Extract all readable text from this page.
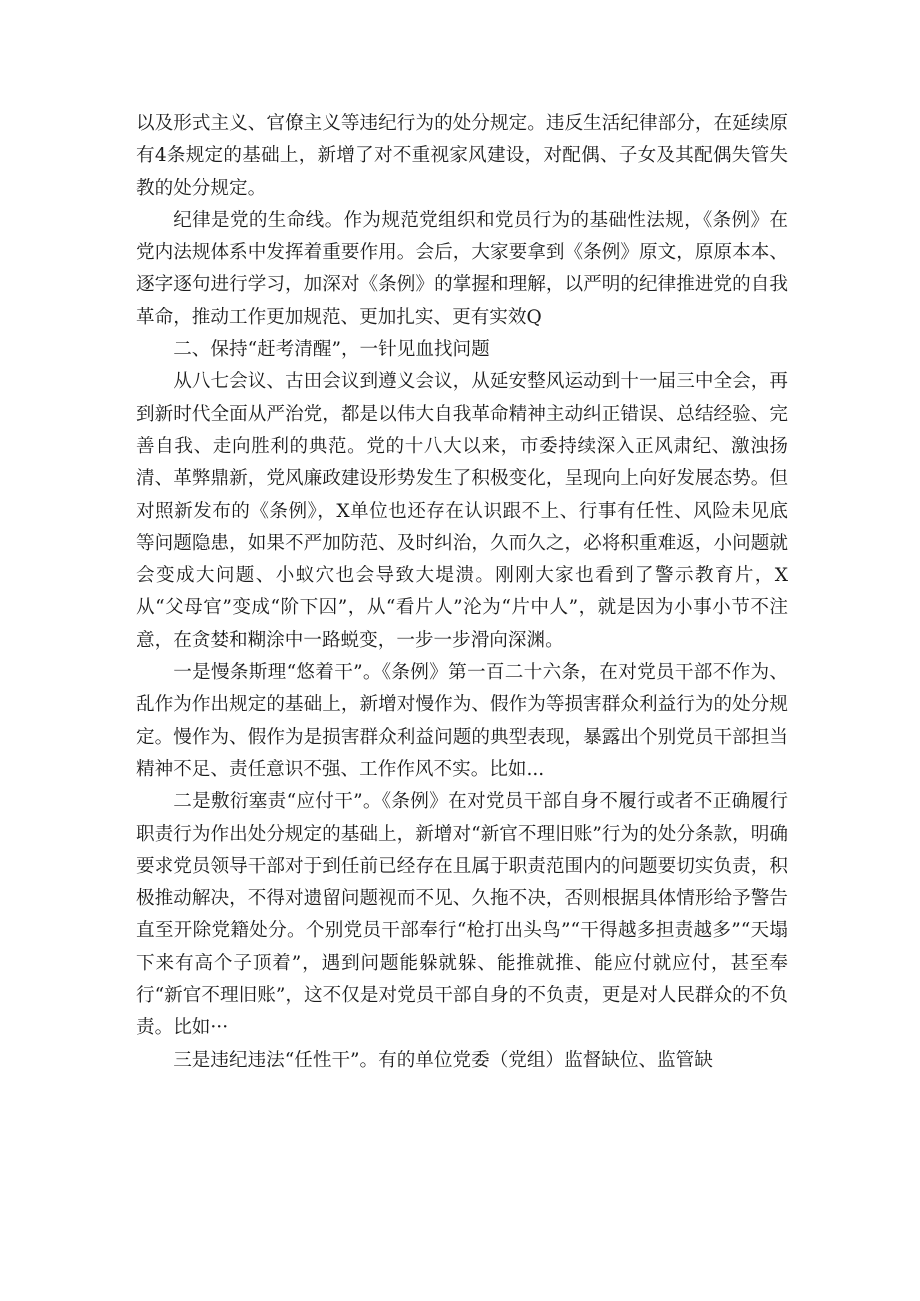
以及形式主义、官僚主义等违纪行为的处分规定。违反生活纪律部分，在延续原有4条规定的基础上，新增了对不重视家风建设，对配偶、子女及其配偶失管失教的处分规定。

纪律是党的生命线。作为规范党组织和党员行为的基础性法规，《条例》在党内法规体系中发挥着重要作用。会后，大家要拿到《条例》原文，原原本本、逐字逐句进行学习，加深对《条例》的掌握和理解，以严明的纪律推进党的自我革命，推动工作更加规范、更加扎实、更有实效Q

二、保持“赶考清醒”，一针见血找问题

从八七会议、古田会议到遵义会议，从延安整风运动到十一届三中全会，再到新时代全面从严治党，都是以伟大自我革命精神主动纠正错误、总结经验、完善自我、走向胜利的典范。党的十八大以来，市委持续深入正风肃纪、激浊扬清、革弊鼎新，党风廉政建设形势发生了积极变化，呈现向上向好发展态势。但对照新发布的《条例》，X单位也还存在认识跟不上、行事有任性、风险未见底等问题隐患，如果不严加防范、及时纠治，久而久之，必将积重难返，小问题就会变成大问题、小蚁穴也会导致大堤溃。刚刚大家也看到了警示教育片，X从“父母官”变成“阶下囚”，从“看片人”沦为“片中人”，就是因为小事小节不注意，在贪婪和糊涂中一路蜕变，一步一步滑向深渊。

一是慢条斯理“悠着干”。《条例》第一百二十六条，在对党员干部不作为、乱作为作出规定的基础上，新增对慢作为、假作为等损害群众利益行为的处分规定。慢作为、假作为是损害群众利益问题的典型表现，暴露出个别党员干部担当精神不足、责任意识不强、工作作风不实。比如...

二是敷衍塞责“应付干”。《条例》在对党员干部自身不履行或者不正确履行职责行为作出处分规定的基础上，新增对“新官不理旧账”行为的处分条款，明确要求党员领导干部对于到任前已经存在且属于职责范围内的问题要切实负责，积极推动解决，不得对遗留问题视而不见、久拖不决，否则根据具体情形给予警告直至开除党籍处分。个别党员干部奉行“枪打出头鸟”“干得越多担责越多”“天塌下来有高个子顶着”，遇到问题能躲就躲、能推就推、能应付就应付，甚至奉行“新官不理旧账”，这不仅是对党员干部自身的不负责，更是对人民群众的不负责。比如···

三是违纪违法“任性干”。有的单位党委（党组）监督缺位、监管缺
